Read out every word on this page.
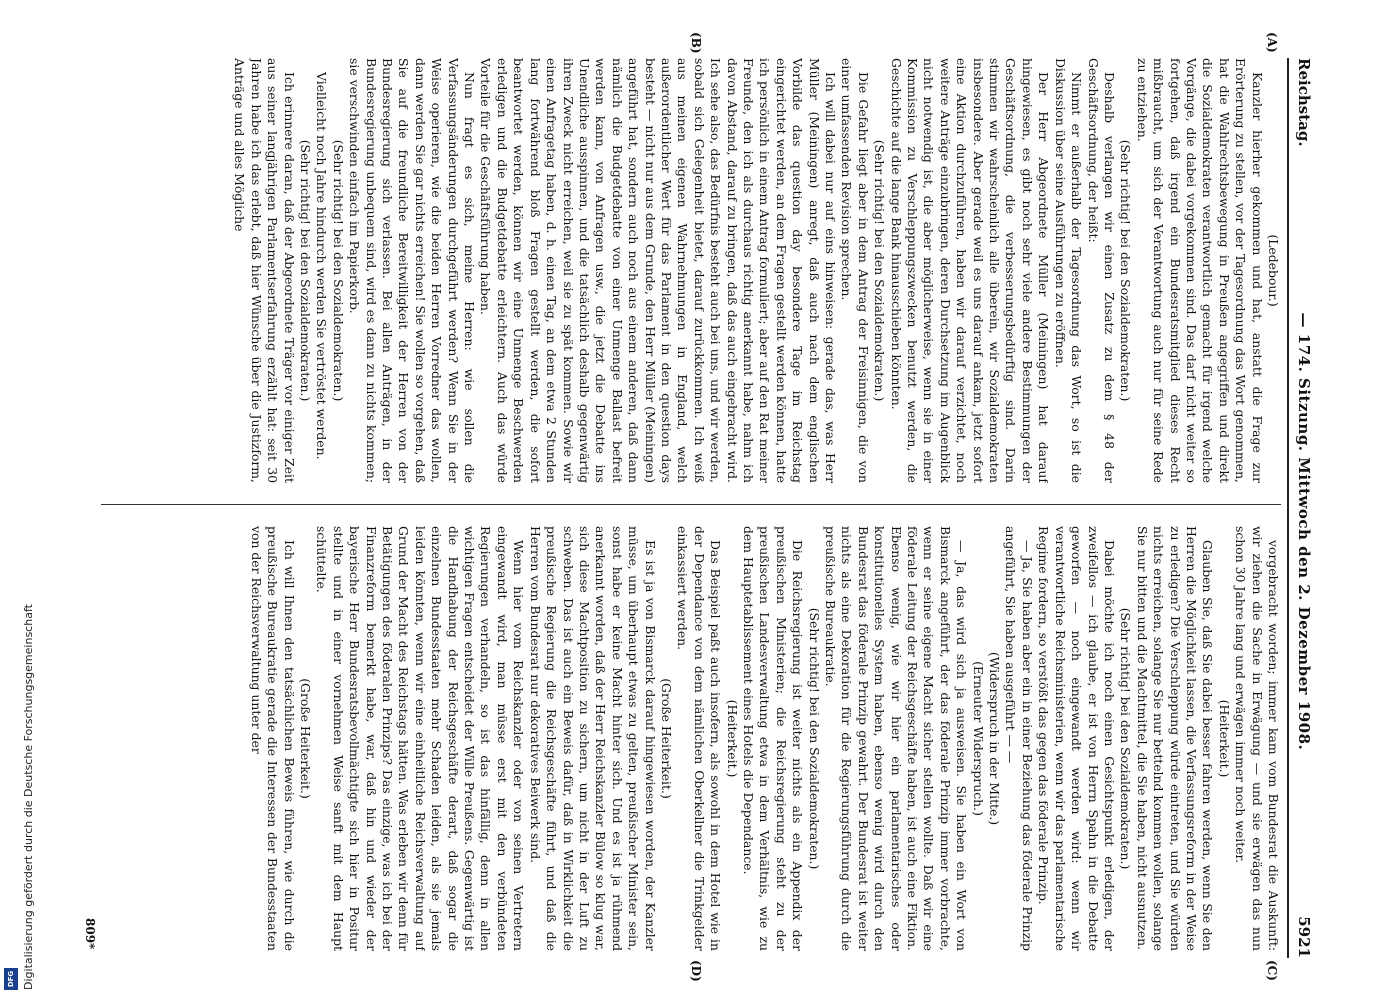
Digitalisierung gefördert durch die Deutsche Forschungsgemeinschaft
DFG
Reichstag.
— 174. Sitzung. Mittwoch den 2. Dezember 1908.
5921
(A)
(B)
(C)
(D)

(Ledebour.)

Kanzler hierher gekommen und hat, anstatt die Frage zur Erörterung zu stellen, vor der Tagesordnung das Wort genommen, hat die Wahlrechtsbewegung in Preußen angegriffen und direkt die Sozialdemokraten verantwortlich gemacht für irgend welche Vorgänge, die dabei vorgekommen sind. Das darf nicht weiter so fortgehen, daß irgend ein Bundesratsmitglied dieses Recht mißbraucht, um sich der Verantwortung auch nur für seine Rede zu entziehen.

(Sehr richtig! bei den Sozialdemokraten.)

Deshalb verlangen wir einen Zusatz zu dem § 48 der Geschäftsordnung, der heißt:

Nimmt er außerhalb der Tagesordnung das Wort, so ist die Diskussion über seine Ausführungen zu eröffnen.

Der Herr Abgeordnete Müller (Meiningen) hat darauf hingewiesen, es gibt noch sehr viele andere Bestimmungen der Geschäftsordnung, die verbesserungsbedürftig sind. Darin stimmen wir wahrscheinlich alle überein, wir Sozialdemokraten insbesondere. Aber gerade weil es uns darauf ankam, jetzt sofort eine Aktion durchzuführen, haben wir darauf verzichtet, noch weitere Anträge einzubringen, deren Durchsetzung im Augenblick nicht notwendig ist, die aber möglicherweise, wenn sie in einer Kommission zu Verschleppungszwecken benutzt werden, die Geschichte auf die lange Bank hinausschieben könnten.

(Sehr richtig! bei den Sozialdemokraten.)

Die Gefahr liegt aber in dem Antrag der Freisinnigen, die von einer umfassenden Revision sprechen.

Ich will dabei nur auf eins hinweisen: gerade das, was Herr Müller (Meiningen) anregt, daß auch nach dem englischen Vorbilde das question day besondere Tage im Reichstag eingerichtet werden, an dem Fragen gestellt werden können, hatte ich persönlich in einem Antrag formuliert; aber auf den Rat meiner Freunde, den ich als durchaus richtig anerkannt habe, nahm ich davon Abstand, darauf zu bringen, daß das auch eingebracht wird. Ich sehe also, das Bedürfnis besteht auch bei uns, und wir werden, sobald sich Gelegenheit bietet, darauf zurückkommen. Ich weiß aus meinen eigenen Wahrnehmungen in England, welch außerordentlicher Wert für das Parlament in den question days besteht — nicht nur aus dem Grunde, den Herr Müller (Meiningen) angeführt hat, sondern auch noch aus einem anderen, daß dann nämlich die Budgetdebatte von einer Unmenge Ballast befreit werden kann, von Anfragen usw., die jetzt die Debatte ins Unendliche ausspinnen, und die tatsächlich deshalb gegenwärtig ihren Zweck nicht erreichen, weil sie zu spät kommen. Sowie wir einen Anfragetag haben, d. h. einen Tag, an dem etwa 2 Stunden lang fortwährend bloß Fragen gestellt werden, die sofort beantwortet werden, können wir eine Unmenge Beschwerden erledigen und die Budgetdebatte erleichtern. Auch das würde Vorteile für die Geschäftsführung haben.

Nun fragt es sich, meine Herren: wie sollen die Verfassungsänderungen durchgeführt werden? Wenn Sie in der Weise operieren, wie die beiden Herren Vorredner das wollen, dann werden Sie gar nichts erreichen! Sie wollen so vorgehen, daß Sie auf die freundliche Bereitwilligkeit der Herren von der Bundesregierung sich verlassen. Bei allen Anträgen, in der Bundesregierung unbequem sind, wird es dann zu nichts kommen; sie verschwinden einfach im Papierkorb.

(Sehr richtig! bei den Sozialdemokraten.)

Vielleicht noch Jahre hindurch werden Sie vertröstet werden.

(Sehr richtig! bei den Sozialdemokraten.)

Ich erinnere daran, daß der Abgeordnete Träger vor einiger Zeit aus seiner langjährigen Parlamentserfahrung erzählt hat: seit 30 Jahren habe ich das erlebt, daß hier Wünsche über die Justizform, Anträge und alles Mögliche

vorgebracht worden; immer kam vom Bundesrat die Auskunft: wir ziehen die Sache in Erwägung — und sie erwägen das nun schon 30 Jahre lang und erwägen immer noch weiter.

(Heiterkeit.)

Glauben Sie, daß Sie dabei besser fahren werden, wenn Sie den Herren die Möglichkeit lassen, die Verfassungsreform in der Weise zu erledigen? Die Verschleppung würde eintreten, und Sie würden nichts erreichen, solange Sie nur bettelnd kommen wollen, solange Sie nur bitten und die Machtmittel, die Sie haben, nicht ausnutzen.

(Sehr richtig! bei den Sozialdemokraten.)

Dabei möchte ich noch einen Gesichtspunkt erledigen, der zweifellos — ich glaube, er ist von Herrn Spahn in die Debatte geworfen — noch eingewandt werden wird: wenn wir verantwortliche Reichsministerien, wenn wir das parlamentarische Regime fordern, so verstößt das gegen das föderale Prinzip.

— Ja, Sie haben aber ein in einer Beziehung das föderale Prinzip angeführt, Sie haben ausgeführt — —

(Widerspruch in der Mitte.)

(Erneuter Widerspruch.)

— Ja, das wird sich ja ausweisen. Sie haben ein Wort von Bismarck angeführt, der das föderale Prinzip immer vorbrachte, wenn er seine eigene Macht sicher stellen wollte. Daß wir eine föderale Leitung der Reichsgeschäfte haben, ist auch eine Fiktion. Ebenso wenig, wie wir hier ein parlamentarisches oder konstitutionelles System haben, ebenso wenig wird durch den Bundesrat das föderale Prinzip gewahrt. Der Bundesrat ist weiter nichts als eine Dekoration für die Regierungsführung durch die preußische Bureaukratie.

(Sehr richtig! bei den Sozialdemokraten.)

Die Reichsregierung ist weiter nichts als ein Appendix der preußischen Ministerien; die Reichsregierung steht zu der preußischen Landesverwaltung etwa in dem Verhältnis, wie zu dem Hauptetablissement eines Hotels die Dependance.

(Heiterkeit.)

Das Beispiel paßt auch insofern, als sowohl in dem Hotel wie in der Dependance von dem nämlichen Oberkellner die Trinkgelder einkassiert werden.

(Große Heiterkeit.)

Es ist ja von Bismarck darauf hingewiesen worden, der Kanzler müsse, um überhaupt etwas zu gelten, preußischer Minister sein, sonst habe er keine Macht hinter sich. Und es ist ja rühmend anerkannt worden, daß der Herr Reichskanzler Bülow so klug war, sich diese Machtposition zu sichern, um nicht in der Luft zu schweben. Das ist auch ein Beweis dafür, daß in Wirklichkeit die preußische Regierung die Reichsgeschäfte führt, und daß die Herren vom Bundesrat nur dekoratives Beiwerk sind.

Wenn hier vom Reichskanzler oder von seinen Vertretern eingewandt wird, man müsse erst mit den verbündeten Regierungen verhandeln, so ist das hinfällig, denn in allen wichtigen Fragen entscheidet der Wille Preußens. Gegenwärtig ist die Handhabung der Reichsgeschäfte derart, daß sogar die einzelnen Bundesstaaten mehr Schaden leiden, als sie jemals leiden könnten, wenn wir eine einheitliche Reichsverwaltung auf Grund der Macht des Reichstags hätten. Was erleben wir denn für Betätigungen des föderalen Prinzips? Das einzige, was ich bei der Finanzreform bemerkt habe, war, daß hin und wieder der bayerische Herr Bundesratsbevollmächtigte sich hier in Positur stellte und in einer vornehmen Weise sanft mit dem Haupt schüttelte.

(Große Heiterkeit.)

Ich will Ihnen den tatsächlichen Beweis führen, wie durch die preußische Bureaukratie gerade die Interessen der Bundesstaaten von der Reichsverwaltung unter der

809*
